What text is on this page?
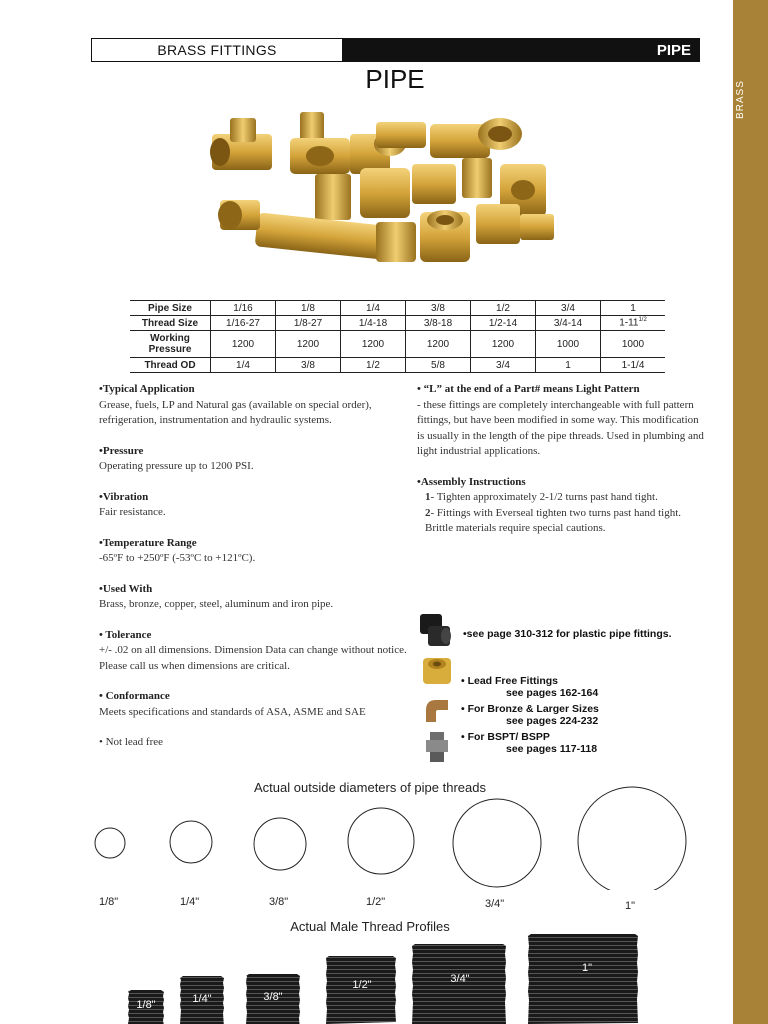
BRASS
BRASS FITTINGS	PIPE
PIPE
Pipe Size	1/16	1/8	1/4	3/8	1/2	3/4	1
Thread Size	1/16-27	1/8-27	1/4-18	3/8-18	1/2-14	3/4-14	$1-11^{1/2}$
Working Pressure	1200	1200	1200	1200	1200	1000	1000
Thread OD	1/4	3/8	1/2	5/8	3/4	1	1-1/4
•Typical Application
Grease, fuels, LP and Natural gas (available on special order), refrigeration, instrumentation and hydraulic systems.
•Pressure
Operating pressure up to 1200 PSI.
•Vibration
Fair resistance.
•Temperature Range
-65ºF to +250ºF (-53ºC to +121ºC).
•Used With
Brass, bronze, copper, steel, aluminum and iron pipe.
• Tolerance
+/- .02 on all dimensions. Dimension Data can change without notice. Please call us when dimensions are critical.
• Conformance
Meets specifications and standards of ASA, ASME and SAE
• Not lead free
• “L” at the end of a Part# means Light Pattern
- these fittings are completely interchangeable with full pattern fittings, but have been modified in some way. This modification is usually in the length of the pipe threads. Used in plumbing and light industrial applications.
•Assembly Instructions
1- Tighten approximately 2-1/2 turns past hand tight.
2- Fittings with Everseal tighten two turns past hand tight. Brittle materials require special cautions.
•see page 310-312 for plastic pipe fittings.
• Lead Free Fittings
see pages 162-164
• For Bronze & Larger Sizes
see pages 224-232
• For BSPT/ BSPP
see pages 117-118
Actual outside diameters of pipe threads
1/8"	1/4"	3/8"	1/2"	3/4"	1"
Actual Male Thread Profiles
1/8"	1/4"	3/8"
1/2"	3/4"
1"
